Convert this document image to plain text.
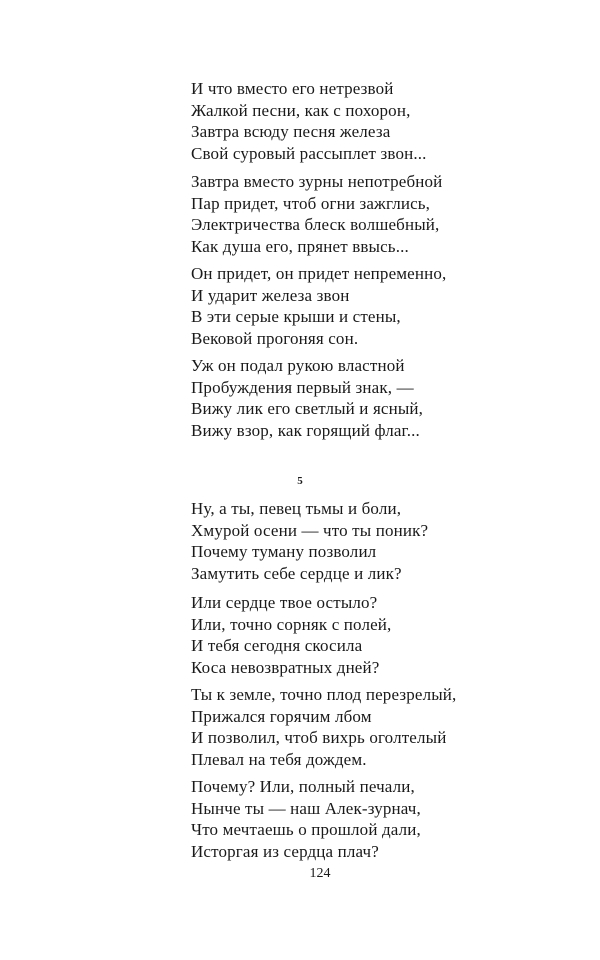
И что вместо его нетрезвой
Жалкой песни, как с похорон,
Завтра всюду песня железа
Свой суровый рассыплет звон...
Завтра вместо зурны непотребной
Пар придет, чтоб огни зажглись,
Электричества блеск волшебный,
Как душа его, прянет ввысь...
Он придет, он придет непременно,
И ударит железа звон
В эти серые крыши и стены,
Вековой прогоняя сон.
Уж он подал рукою властной
Пробуждения первый знак, —
Вижу лик его светлый и ясный,
Вижу взор, как горящий флаг...
5
Ну, а ты, певец тьмы и боли,
Хмурой осени — что ты поник?
Почему туману позволил
Замутить себе сердце и лик?
Или сердце твое остыло?
Или, точно сорняк с полей,
И тебя сегодня скосила
Коса невозвратных дней?
Ты к земле, точно плод перезрелый,
Прижался горячим лбом
И позволил, чтоб вихрь оголтелый
Плевал на тебя дождем.
Почему? Или, полный печали,
Нынче ты — наш Алек-зурнач,
Что мечтаешь о прошлой дали,
Исторгая из сердца плач?
124
